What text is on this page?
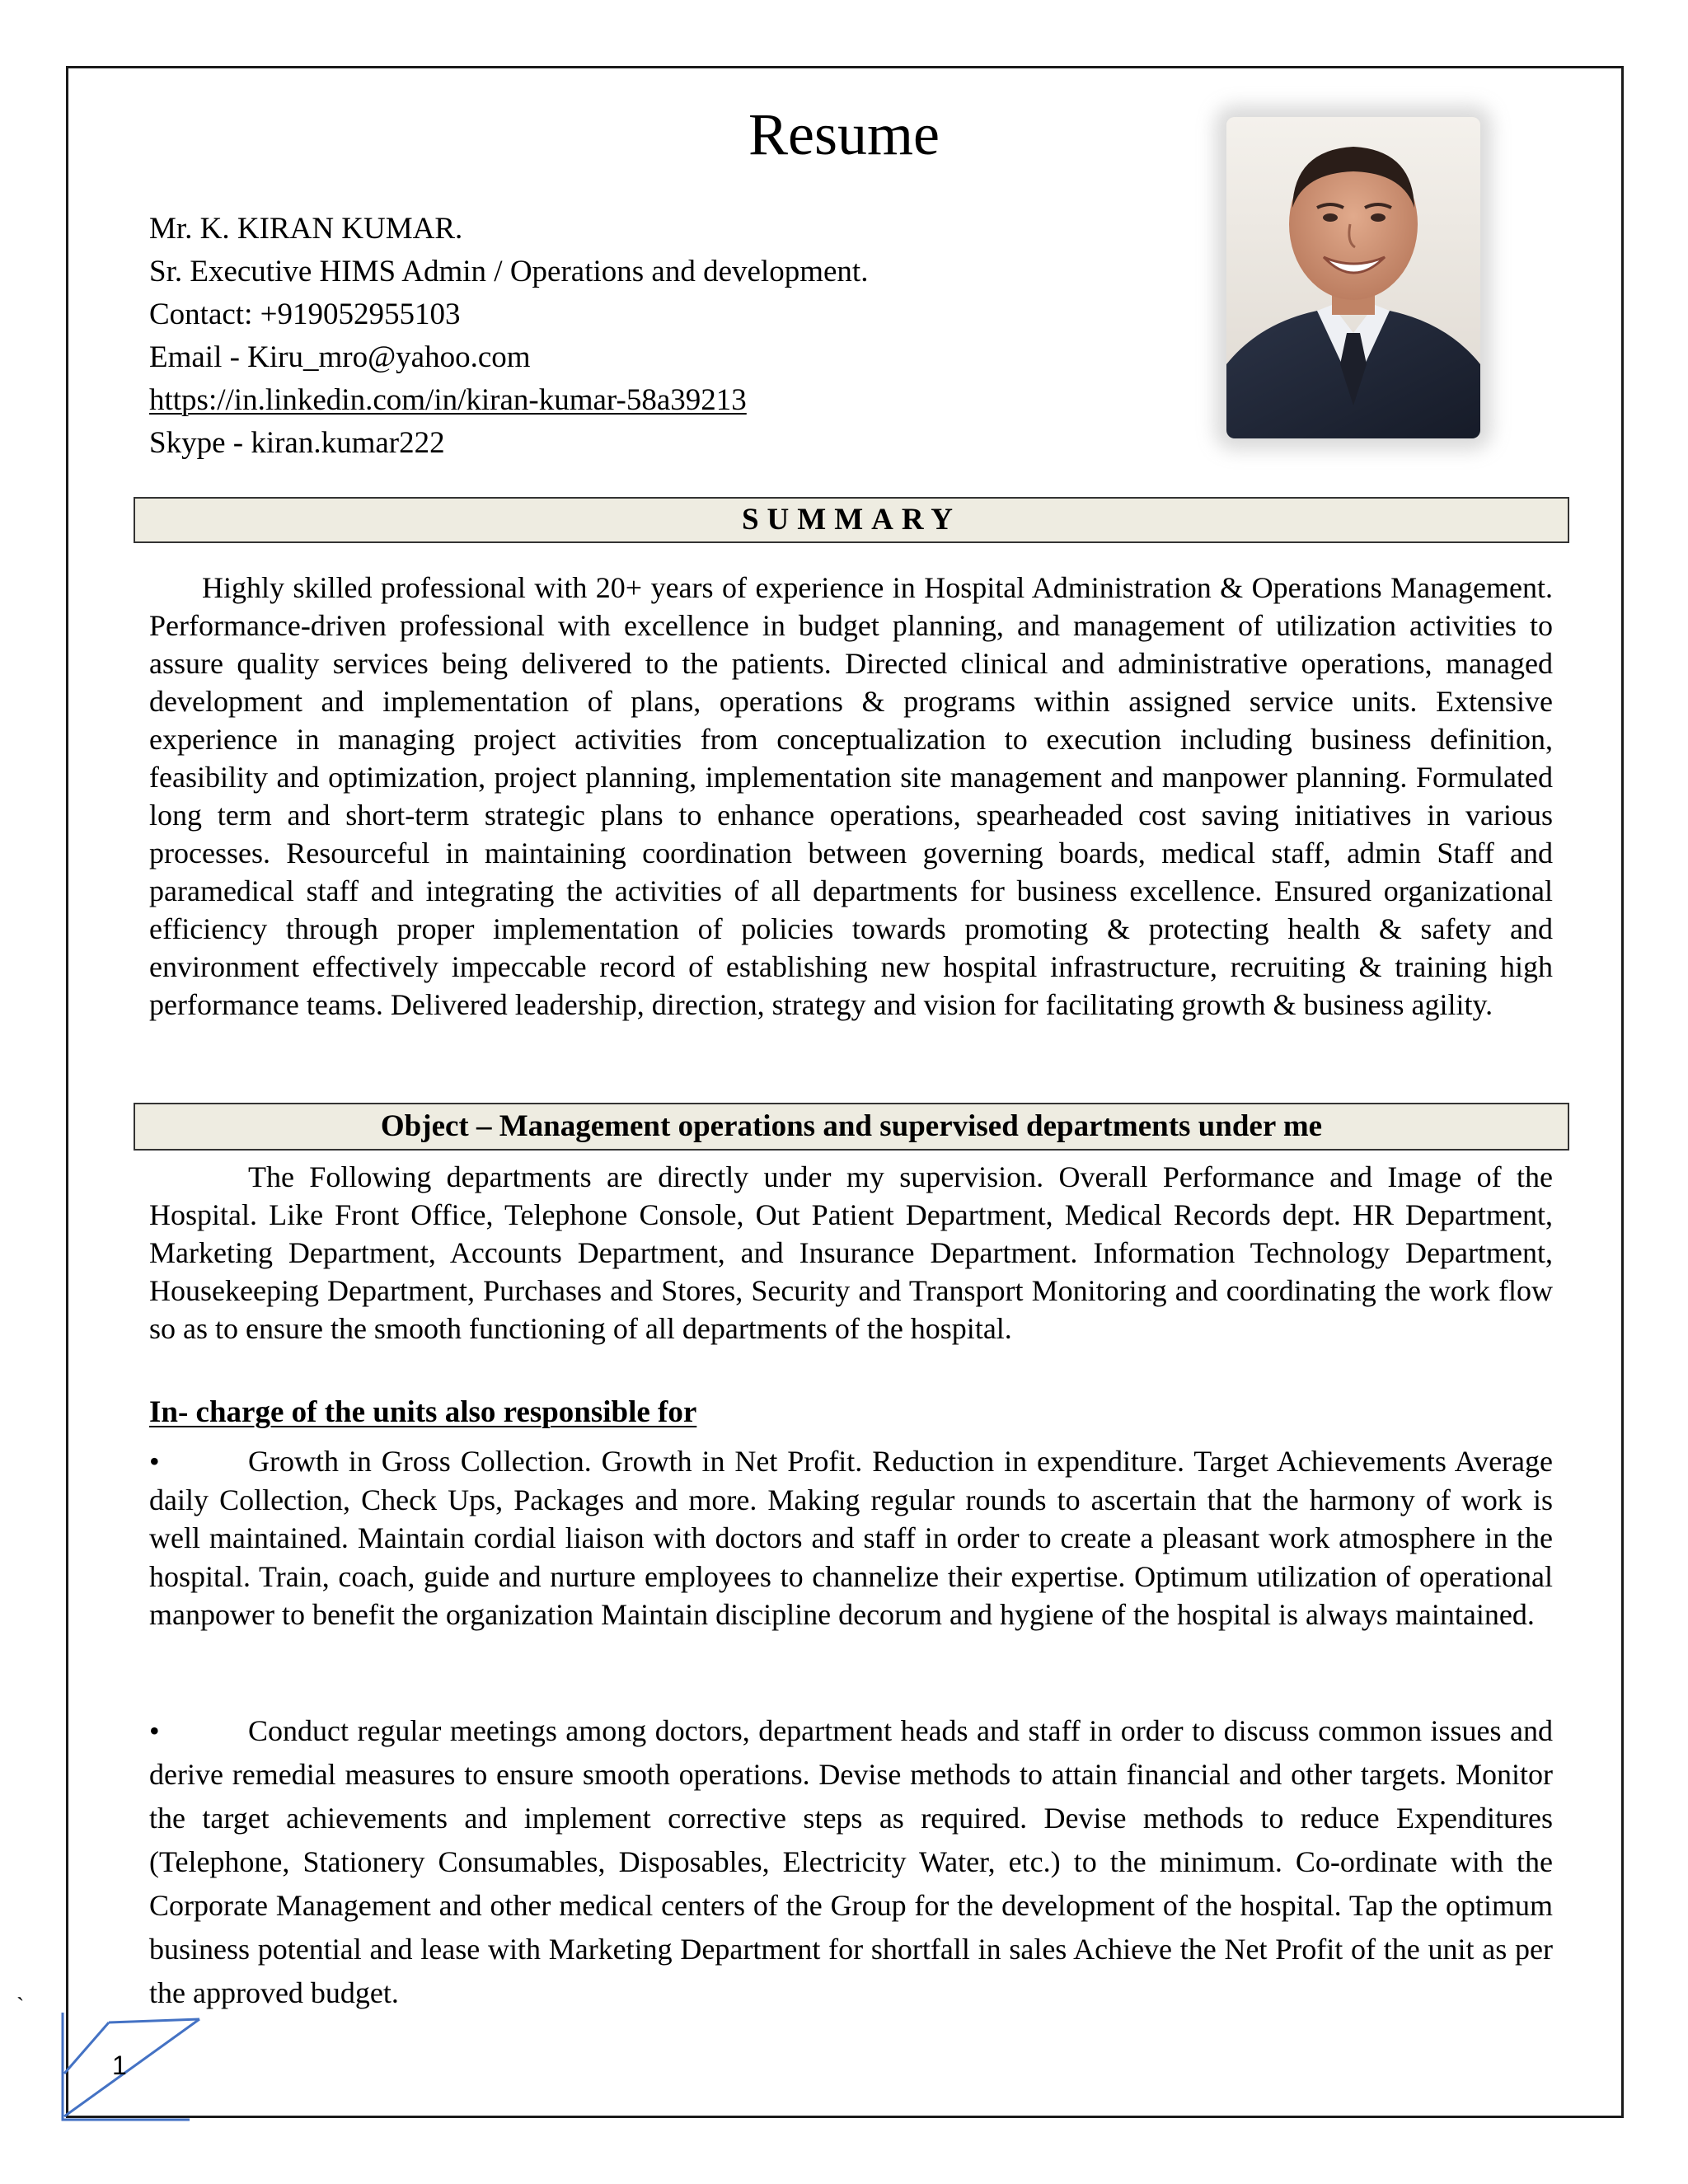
Resume
Mr. K. KIRAN KUMAR.
Sr. Executive HIMS Admin / Operations and development.
Contact: +919052955103
Email - Kiru_mro@yahoo.com
https://in.linkedin.com/in/kiran-kumar-58a39213
Skype - kiran.kumar222
SUMMARY

Highly skilled professional with 20+ years of experience in Hospital Administration & Operations Management. Performance-driven professional with excellence in budget planning, and management of utilization activities to assure quality services being delivered to the patients. Directed clinical and administrative operations, managed development and implementation of plans, operations & programs within assigned service units. Extensive experience in managing project activities from conceptualization to execution including business definition, feasibility and optimization, project planning, implementation site management and manpower planning. Formulated long term and short-term strategic plans to enhance operations, spearheaded cost saving initiatives in various processes. Resourceful in maintaining coordination between governing boards, medical staff, admin Staff and paramedical staff and integrating the activities of all departments for business excellence. Ensured organizational efficiency through proper implementation of policies towards promoting & protecting health & safety and environment effectively impeccable record of establishing new hospital infrastructure, recruiting & training high performance teams. Delivered leadership, direction, strategy and vision for facilitating growth & business agility.

Object – Management operations and supervised departments under me

The Following departments are directly under my supervision. Overall Performance and Image of the Hospital. Like Front Office, Telephone Console, Out Patient Department, Medical Records dept. HR Department, Marketing Department, Accounts Department, and Insurance Department. Information Technology Department, Housekeeping Department, Purchases and Stores, Security and Transport Monitoring and coordinating the work flow so as to ensure the smooth functioning of all departments of the hospital.

In- charge of the units also responsible for

•	Growth in Gross Collection. Growth in Net Profit. Reduction in expenditure. Target Achievements Average daily Collection, Check Ups, Packages and more. Making regular rounds to ascertain that the harmony of work is well maintained. Maintain cordial liaison with doctors and staff in order to create a pleasant work atmosphere in the hospital. Train, coach, guide and nurture employees to channelize their expertise. Optimum utilization of operational manpower to benefit the organization Maintain discipline decorum and hygiene of the hospital is always maintained.

•	Conduct regular meetings among doctors, department heads and staff in order to discuss common issues and derive remedial measures to ensure smooth operations. Devise methods to attain financial and other targets. Monitor the target achievements and implement corrective steps as required. Devise methods to reduce Expenditures (Telephone, Stationery Consumables, Disposables, Electricity Water, etc.) to the minimum. Co-ordinate with the Corporate Management and other medical centers of the Group for the development of the hospital. Tap the optimum business potential and lease with Marketing Department for shortfall in sales Achieve the Net Profit of the unit as per the approved budget.

`
1
